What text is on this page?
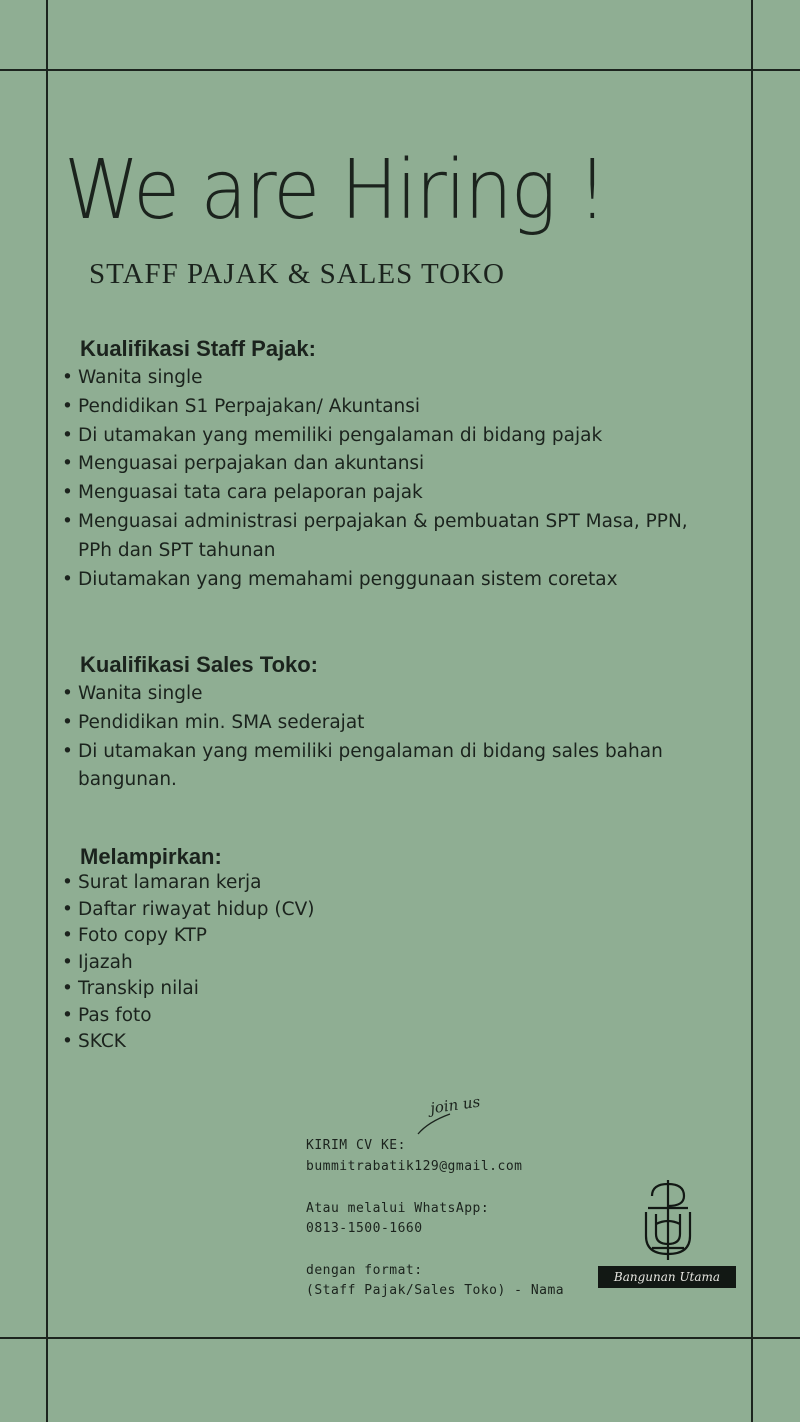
We are Hiring !
STAFF PAJAK & SALES TOKO
Kualifikasi Staff Pajak:
• Wanita single
• Pendidikan S1 Perpajakan/ Akuntansi
• Di utamakan yang memiliki pengalaman di bidang pajak
• Menguasai perpajakan dan akuntansi
• Menguasai tata cara pelaporan pajak
• Menguasai administrasi perpajakan & pembuatan SPT Masa, PPN, PPh dan SPT tahunan
• Diutamakan yang memahami penggunaan sistem coretax
Kualifikasi Sales Toko:
• Wanita single
• Pendidikan min. SMA sederajat
• Di utamakan yang memiliki pengalaman di bidang sales bahan bangunan.
Melampirkan:
• Surat lamaran kerja
• Daftar riwayat hidup (CV)
• Foto copy KTP
• Ijazah
• Transkip nilai
• Pas foto
• SKCK
join us
KIRIM CV KE:
bummitrabatik129@gmail.com
Atau melalui WhatsApp:
0813-1500-1660
dengan format:
(Staff Pajak/Sales Toko) - Nama
Bangunan Utama
